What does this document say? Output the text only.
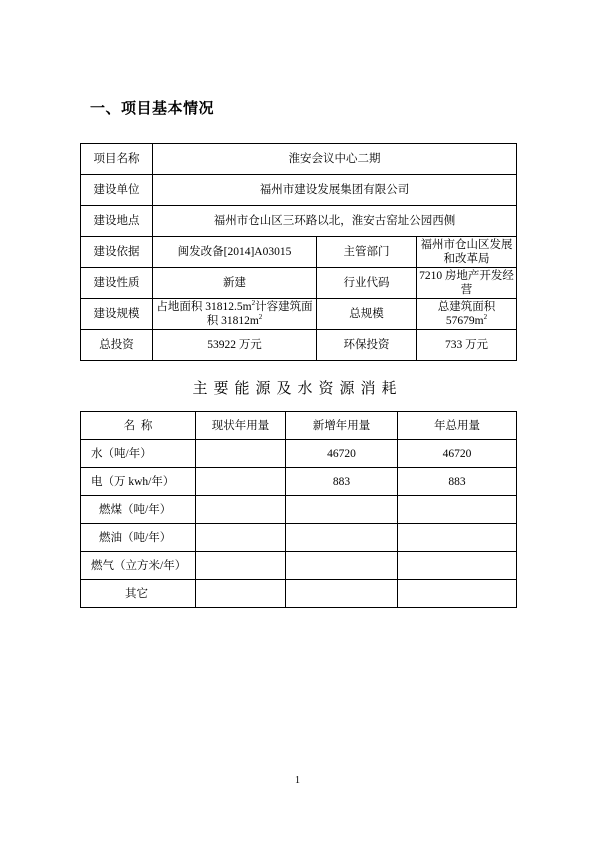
一、项目基本情况
项目名称	淮安会议中心二期		
建设单位	福州市建设发展集团有限公司		
建设地点	福州市仓山区三环路以北，淮安古窑址公园西侧		
建设依据	闽发改备[2014]A03015	主管部门	福州市仓山区发展和改革局
建设性质	新建	行业代码	7210 房地产开发经营
建设规模	占地面积 $31812.5m^2$计容建筑面积 $31812m^2$	总规模	总建筑面积 $57679m^2$
总投资	53922 万元	环保投资	733 万元
主要能源及水资源消耗
名  称	现状年用量	新增年用量	年总用量
水（吨/年）		46720	46720
电（万 kwh/年）		883	883
燃煤（吨/年）			
燃油（吨/年）			
燃气（立方米/年）			
其它			
1
